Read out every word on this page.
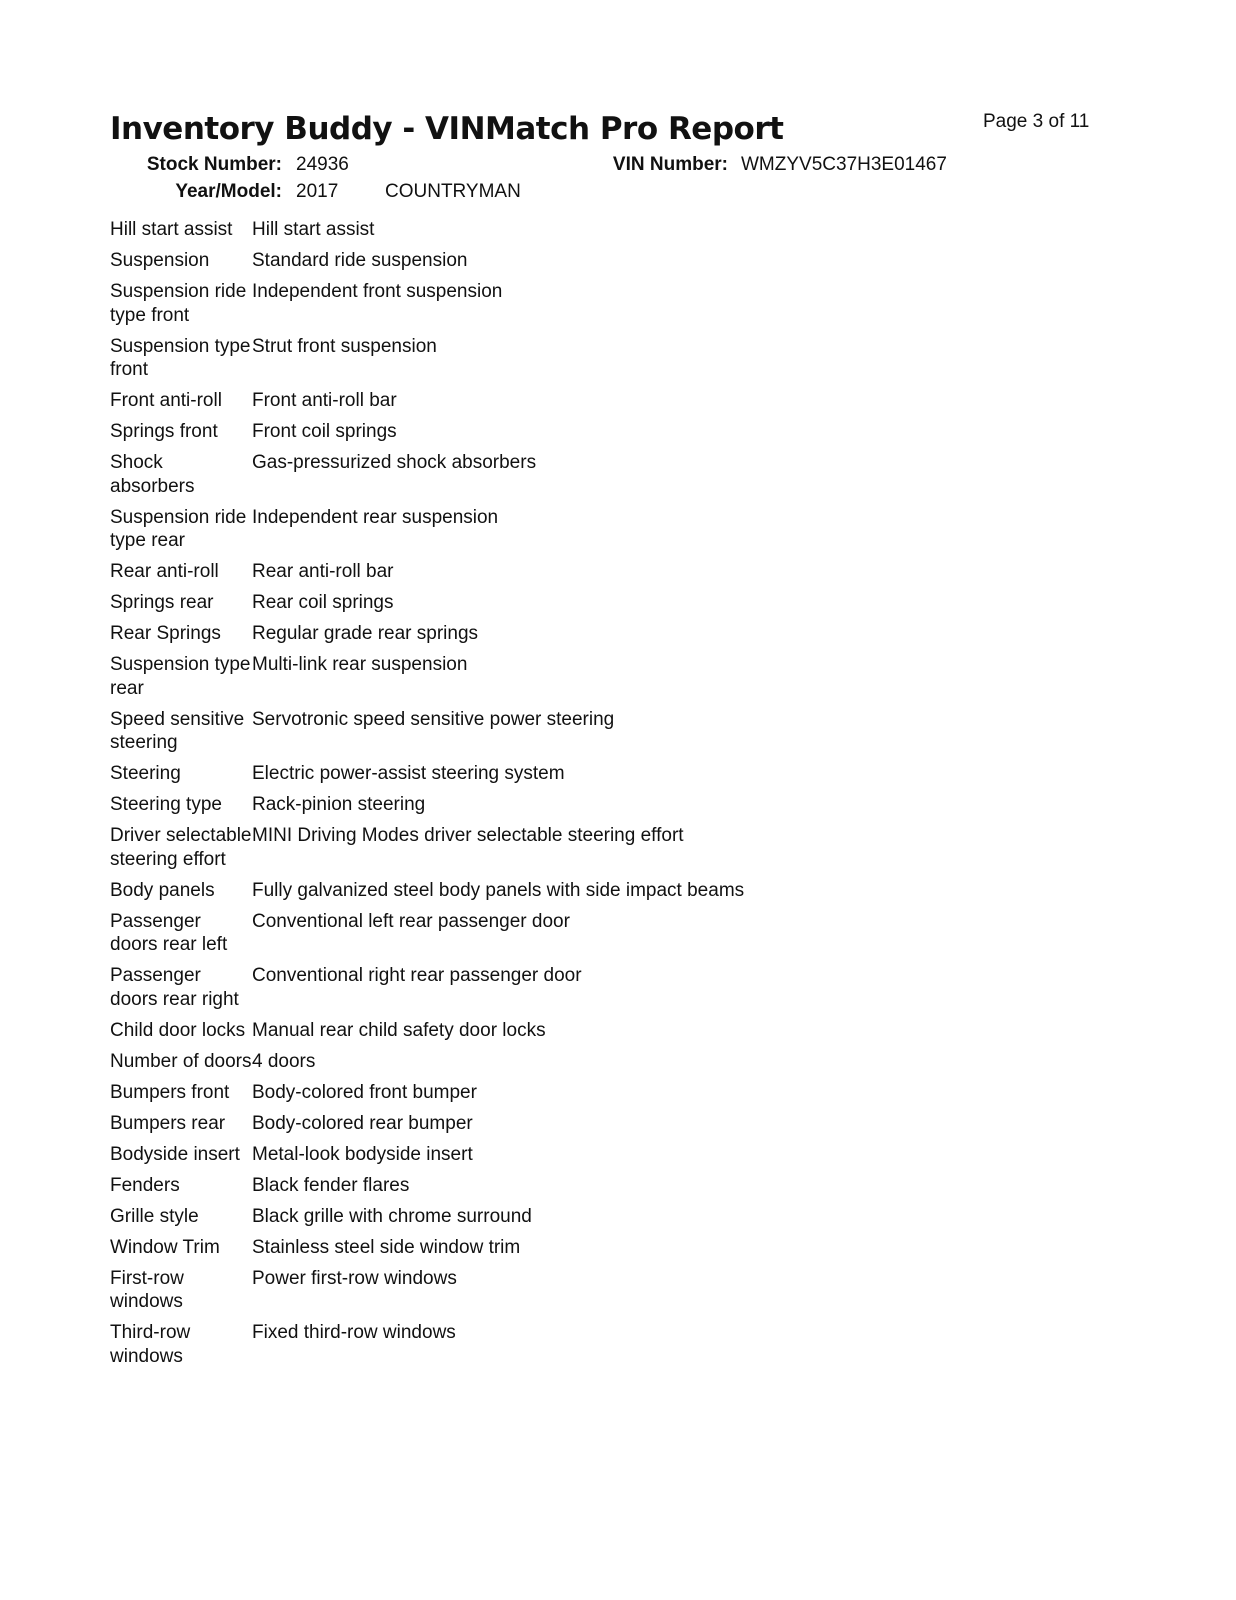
Inventory Buddy - VINMatch Pro Report	Page 3 of 11
Stock Number: 24936	VIN Number: WMZYV5C37H3E01467
Year/Model: 2017 COUNTRYMAN
Hill start assist	Hill start assist
Suspension	Standard ride suspension
Suspension ride type front	Independent front suspension
Suspension type front	Strut front suspension
Front anti-roll	Front anti-roll bar
Springs front	Front coil springs
Shock absorbers	Gas-pressurized shock absorbers
Suspension ride type rear	Independent rear suspension
Rear anti-roll	Rear anti-roll bar
Springs rear	Rear coil springs
Rear Springs	Regular grade rear springs
Suspension type rear	Multi-link rear suspension
Speed sensitive steering	Servotronic speed sensitive power steering
Steering	Electric power-assist steering system
Steering type	Rack-pinion steering
Driver selectable steering effort	MINI Driving Modes driver selectable steering effort
Body panels	Fully galvanized steel body panels with side impact beams
Passenger doors rear left	Conventional left rear passenger door
Passenger doors rear right	Conventional right rear passenger door
Child door locks	Manual rear child safety door locks
Number of doors	4 doors
Bumpers front	Body-colored front bumper
Bumpers rear	Body-colored rear bumper
Bodyside insert	Metal-look bodyside insert
Fenders	Black fender flares
Grille style	Black grille with chrome surround
Window Trim	Stainless steel side window trim
First-row windows	Power first-row windows
Third-row windows	Fixed third-row windows
